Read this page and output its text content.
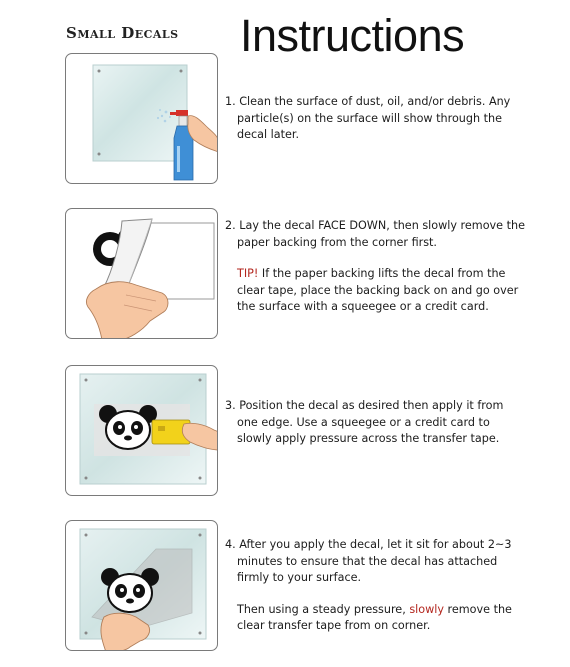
Small Decals Instructions

1. Clean the surface of dust, oil, and/or debris. Any particle(s) on the surface will show through the decal later.

2. Lay the decal FACE DOWN, then slowly remove the paper backing from the corner first.

TIP! If the paper backing lifts the decal from the clear tape, place the backing back on and go over the surface with a squeegee or a credit card.

3. Position the decal as desired then apply it from one edge. Use a squeegee or a credit card to slowly apply pressure across the transfer tape.

4. After you apply the decal, let it sit for about 2~3 minutes to ensure that the decal has attached firmly to your surface.

Then using a steady pressure, slowly remove the clear transfer tape from on corner.
